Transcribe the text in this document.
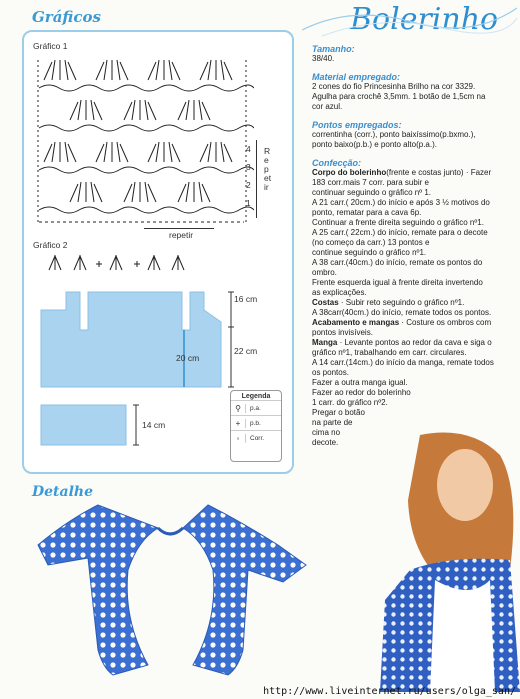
Gráficos	Bolerinho
Gráfico 1
4
3
2
1
Repetir
repetir
Gráfico 2
16 cm
20 cm
22 cm
14 cm
Legenda
⚲	p.a.
+	p.b.
◦	Corr.
Tamanho:

38/40.

Material empregado:

2 cones do fio Princesinha Brilho na cor 3329.

Agulha para crochê 3,5mm. 1 botão de 1,5cm na

cor azul.

Pontos empregados:

correntinha (corr.), ponto baixíssimo(p.bxmo.),

ponto baixo(p.b.) e ponto alto(p.a.).

Confecção:

Corpo do bolerinho(frente e costas junto) · Fazer

183 corr.mais 7 corr. para subir e

continuar seguindo o gráfico nº 1.

A 21 carr.( 20cm.) do início e após 3 ½ motivos do

ponto, rematar para a cava 6p.

Continuar a frente direita seguindo o gráfico nº1.

A 25 carr.( 22cm.) do início, remate para o decote

(no começo da carr.) 13 pontos e

continue seguindo o gráfico nº1.

A 38 carr.(40cm.) do início, remate os pontos do

ombro.

Frente esquerda igual à frente direita invertendo

as explicações.

Costas · Subir reto seguindo o gráfico nº1.

A 38carr(40cm.) do início, remate todos os pontos.

Acabamento e mangas · Costure os ombros com

pontos invisíveis.

Manga · Levante pontos ao redor da cava e siga o

gráfico nº1, trabalhando em carr. circulares.

A 14 carr.(14cm.) do início da manga, remate todos

os pontos.

Fazer a outra manga igual.

Fazer ao redor do bolerinho

1 carr. do gráfico nº2.

Pregar o botão

na parte de

cima no

decote.

Detalhe
http://www.liveinternet.ru/users/olga_san/
